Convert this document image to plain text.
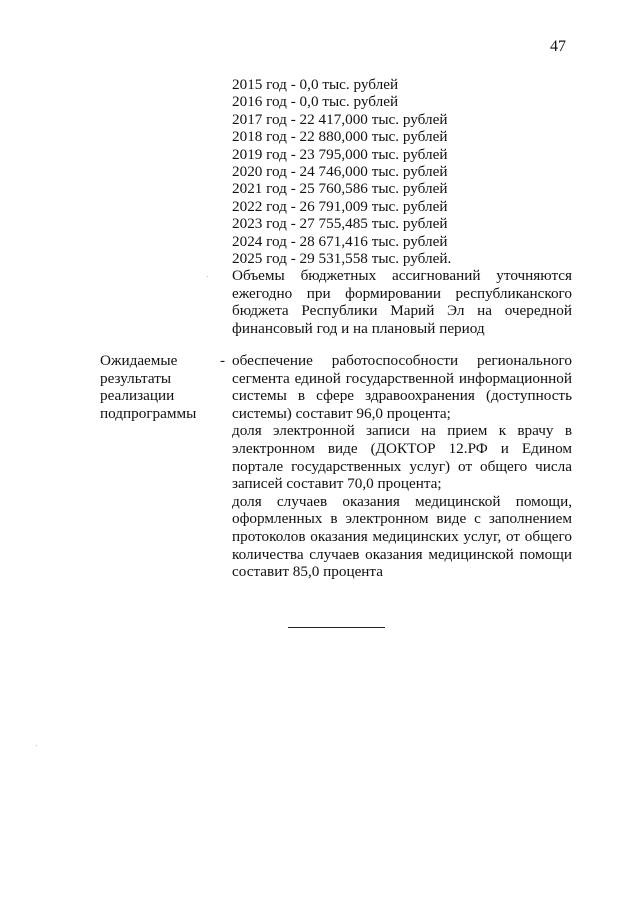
47
2015 год - 0,0 тыс. рублей
2016 год - 0,0 тыс. рублей
2017 год - 22 417,000 тыс. рублей
2018 год - 22 880,000 тыс. рублей
2019 год - 23 795,000 тыс. рублей
2020 год - 24 746,000 тыс. рублей
2021 год - 25 760,586 тыс. рублей
2022 год - 26 791,009 тыс. рублей
2023 год - 27 755,485 тыс. рублей
2024 год - 28 671,416 тыс. рублей
2025 год - 29 531,558 тыс. рублей.
Объемы бюджетных ассигнований уточняются ежегодно при формировании республиканского бюджета Республики Марий Эл на очередной финансовый год и на плановый период
Ожидаемые
результаты
реализации
подпрограммы
- обеспечение работоспособности регионального сегмента единой государственной информационной системы в сфере здравоохранения (доступность системы) составит 96,0 процента;
доля электронной записи на прием к врачу в электронном виде (ДОКТОР 12.РФ и Едином портале государственных услуг) от общего числа записей составит 70,0 процента;
доля случаев оказания медицинской помощи, оформленных в электронном виде с заполнением протоколов оказания медицинских услуг, от общего количества случаев оказания медицинской помощи составит 85,0 процента
